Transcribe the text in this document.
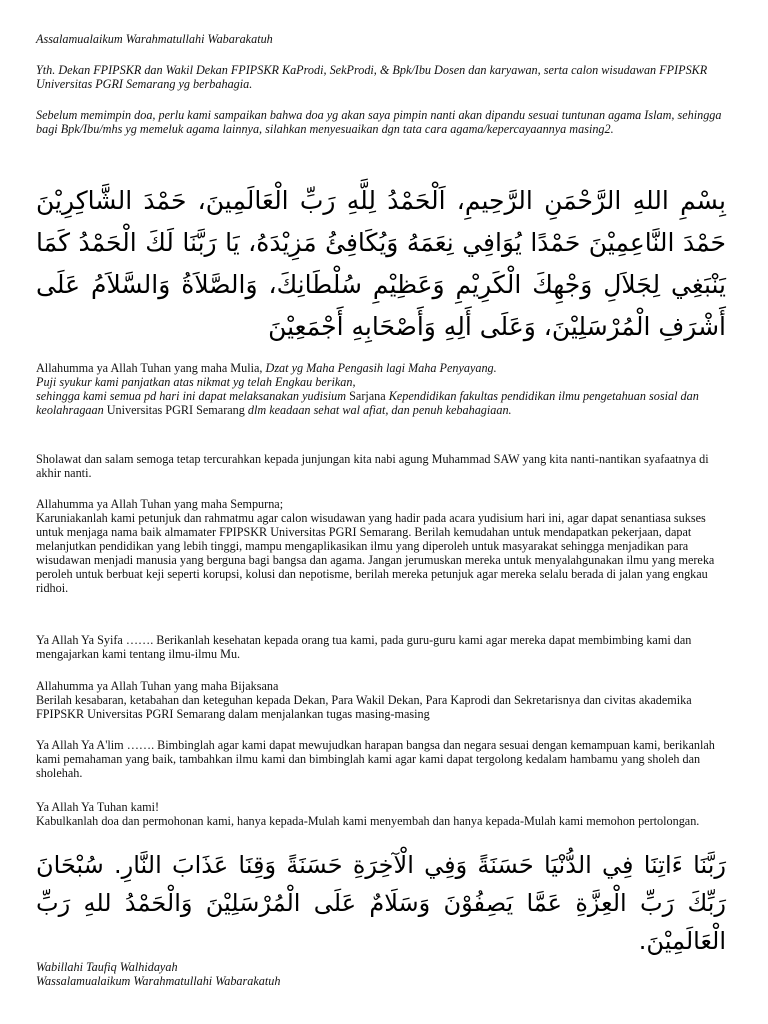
Assalamualaikum Warahmatullahi Wabarakatuh

Yth. Dekan FPIPSKR dan Wakil Dekan FPIPSKR KaProdi, SekProdi, & Bpk/Ibu Dosen dan karyawan, serta calon wisudawan FPIPSKR Universitas PGRI Semarang yg berbahagia.

Sebelum memimpin doa, perlu kami sampaikan bahwa doa yg akan saya pimpin nanti akan dipandu sesuai tuntunan agama Islam, sehingga bagi Bpk/Ibu/mhs yg memeluk agama lainnya, silahkan menyesuaikan dgn tata cara agama/kepercayaannya masing2.

بِسْمِ اللهِ الرَّحْمَنِ الرَّحِيمِ، اَلْحَمْدُ لِلَّهِ رَبِّ الْعَالَمِينَ، حَمْدَ الشَّاكِرِيْنَ حَمْدَ النَّاعِمِيْنَ حَمْدًا يُوَافِي نِعَمَهُ وَيُكَافِئُ مَزِيْدَهُ، يَا رَبَّنَا لَكَ الْحَمْدُ كَمَا يَنْبَغِي لِجَلاَلِ وَجْهِكَ الْكَرِيْمِ وَعَظِيْمِ سُلْطَانِكَ، وَالصَّلاَةُ وَالسَّلاَمُ عَلَى أَشْرَفِ الْمُرْسَلِيْنَ، وَعَلَى أَلِهِ وَأَصْحَابِهِ أَجْمَعِيْنَ

Allahumma ya Allah Tuhan yang maha Mulia, Dzat yg Maha Pengasih lagi Maha Penyayang.
Puji syukur kami panjatkan atas nikmat yg telah Engkau berikan,
sehingga kami semua pd hari ini dapat melaksanakan yudisium Sarjana Kependidikan fakultas pendidikan ilmu pengetahuan sosial dan keolahragaan Universitas PGRI Semarang dlm keadaan sehat wal afiat, dan penuh kebahagiaan.

Sholawat dan salam semoga tetap tercurahkan kepada junjungan kita nabi agung Muhammad SAW yang kita nanti-nantikan syafaatnya di akhir nanti.

Allahumma ya Allah Tuhan yang maha Sempurna;

Karuniakanlah kami petunjuk dan rahmatmu agar calon wisudawan yang hadir pada acara yudisium hari ini, agar dapat senantiasa sukses untuk menjaga nama baik almamater FPIPSKR Universitas PGRI Semarang. Berilah kemudahan untuk mendapatkan pekerjaan, dapat melanjutkan pendidikan yang lebih tinggi, mampu mengaplikasikan ilmu yang diperoleh untuk masyarakat sehingga menjadikan para wisudawan menjadi manusia yang berguna bagi bangsa dan agama. Jangan jerumuskan mereka untuk menyalahgunakan ilmu yang mereka peroleh untuk berbuat keji seperti korupsi, kolusi dan nepotisme, berilah mereka petunjuk agar mereka selalu berada di jalan yang engkau ridhoi.

Ya Allah Ya Syifa ……. Berikanlah kesehatan kepada orang tua kami, pada guru-guru kami agar mereka dapat membimbing kami dan mengajarkan kami tentang ilmu-ilmu Mu.

Allahumma ya Allah Tuhan yang maha Bijaksana

Berilah kesabaran, ketabahan dan keteguhan kepada Dekan, Para Wakil Dekan, Para Kaprodi dan Sekretarisnya dan civitas akademika FPIPSKR Universitas PGRI Semarang dalam menjalankan tugas masing-masing

Ya Allah Ya A'lim ……. Bimbinglah agar kami dapat mewujudkan harapan bangsa dan negara sesuai dengan kemampuan kami, berikanlah kami pemahaman yang baik, tambahkan ilmu kami dan bimbinglah kami agar kami dapat tergolong kedalam hambamu yang sholeh dan sholehah.

Ya Allah Ya Tuhan kami!

Kabulkanlah doa dan permohonan kami, hanya kepada-Mulah kami menyembah dan hanya kepada-Mulah kami memohon pertolongan.

رَبَّنَا ءَاتِنَا فِي الدُّنْيَا حَسَنَةً وَفِي الْآخِرَةِ حَسَنَةً وَقِنَا عَذَابَ النَّارِ. سُبْحَانَ رَبِّكَ رَبِّ الْعِزَّةِ عَمَّا يَصِفُوْنَ وَسَلَامٌ عَلَى الْمُرْسَلِيْنَ وَالْحَمْدُ للهِ رَبِّ الْعَالَمِيْنَ.

Wabillahi Taufiq Walhidayah

Wassalamualaikum Warahmatullahi Wabarakatuh
